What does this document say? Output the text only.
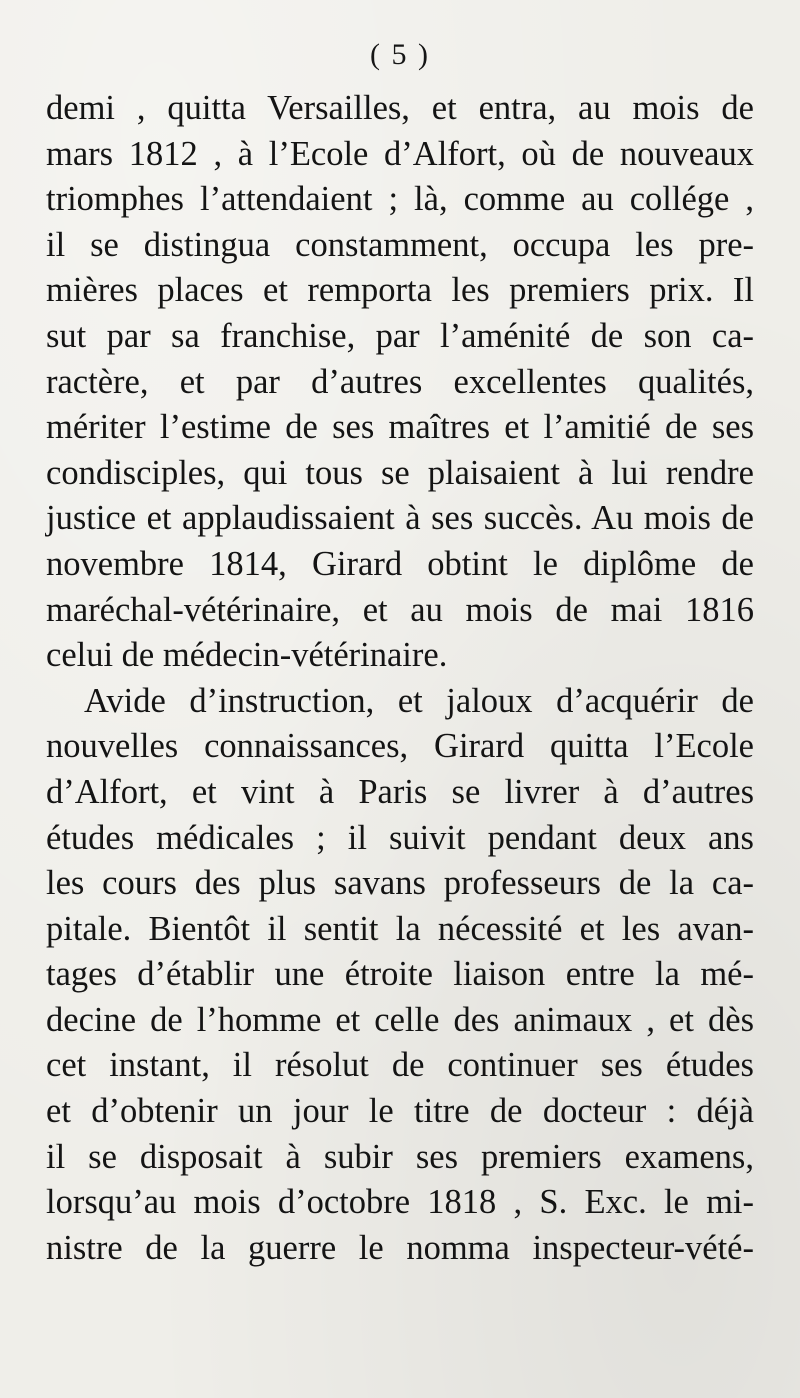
( 5 )
demi , quitta Versailles, et entra, au mois de
mars 1812 , à l’Ecole d’Alfort, où de nouveaux
triomphes l’attendaient ; là, comme au collége ,
il se distingua constamment, occupa les pre-
mières places et remporta les premiers prix. Il
sut par sa franchise, par l’aménité de son ca-
ractère, et par d’autres excellentes qualités,
mériter l’estime de ses maîtres et l’amitié de ses
condisciples, qui tous se plaisaient à lui rendre
justice et applaudissaient à ses succès. Au mois de
novembre 1814, Girard obtint le diplôme de
maréchal-vétérinaire, et au mois de mai 1816
celui de médecin-vétérinaire.
Avide d’instruction, et jaloux d’acquérir de
nouvelles connaissances, Girard quitta l’Ecole
d’Alfort, et vint à Paris se livrer à d’autres
études médicales ; il suivit pendant deux ans
les cours des plus savans professeurs de la ca-
pitale. Bientôt il sentit la nécessité et les avan-
tages d’établir une étroite liaison entre la mé-
decine de l’homme et celle des animaux , et dès
cet instant, il résolut de continuer ses études
et d’obtenir un jour le titre de docteur : déjà
il se disposait à subir ses premiers examens,
lorsqu’au mois d’octobre 1818 , S. Exc. le mi-
nistre de la guerre le nomma inspecteur-vété-
